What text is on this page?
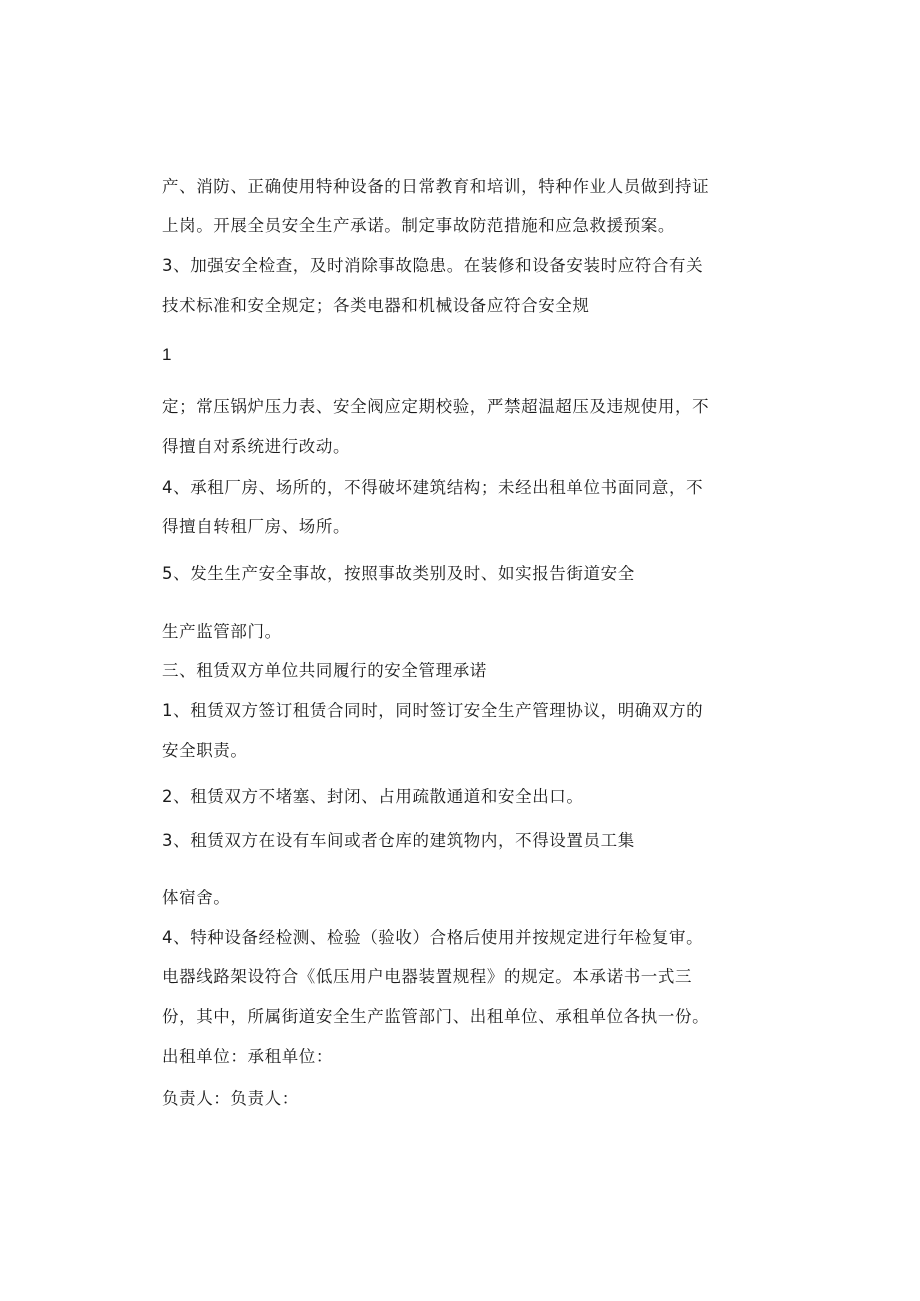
产、消防、正确使用特种设备的日常教育和培训，特种作业人员做到持证
上岗。开展全员安全生产承诺。制定事故防范措施和应急救援预案。
3、加强安全检查，及时消除事故隐患。在装修和设备安装时应符合有关
技术标准和安全规定；各类电器和机械设备应符合安全规
1
定；常压锅炉压力表、安全阀应定期校验，严禁超温超压及违规使用，不
得擅自对系统进行改动。
4、承租厂房、场所的，不得破坏建筑结构；未经出租单位书面同意，不
得擅自转租厂房、场所。
5、发生生产安全事故，按照事故类别及时、如实报告街道安全
生产监管部门。
三、租赁双方单位共同履行的安全管理承诺
1、租赁双方签订租赁合同时，同时签订安全生产管理协议，明确双方的
安全职责。
2、租赁双方不堵塞、封闭、占用疏散通道和安全出口。
3、租赁双方在设有车间或者仓库的建筑物内，不得设置员工集
体宿舍。
4、特种设备经检测、检验（验收）合格后使用并按规定进行年检复审。
电器线路架设符合《低压用户电器装置规程》的规定。本承诺书一式三
份，其中，所属街道安全生产监管部门、出租单位、承租单位各执一份。
出租单位：承租单位：
负责人：负责人：
